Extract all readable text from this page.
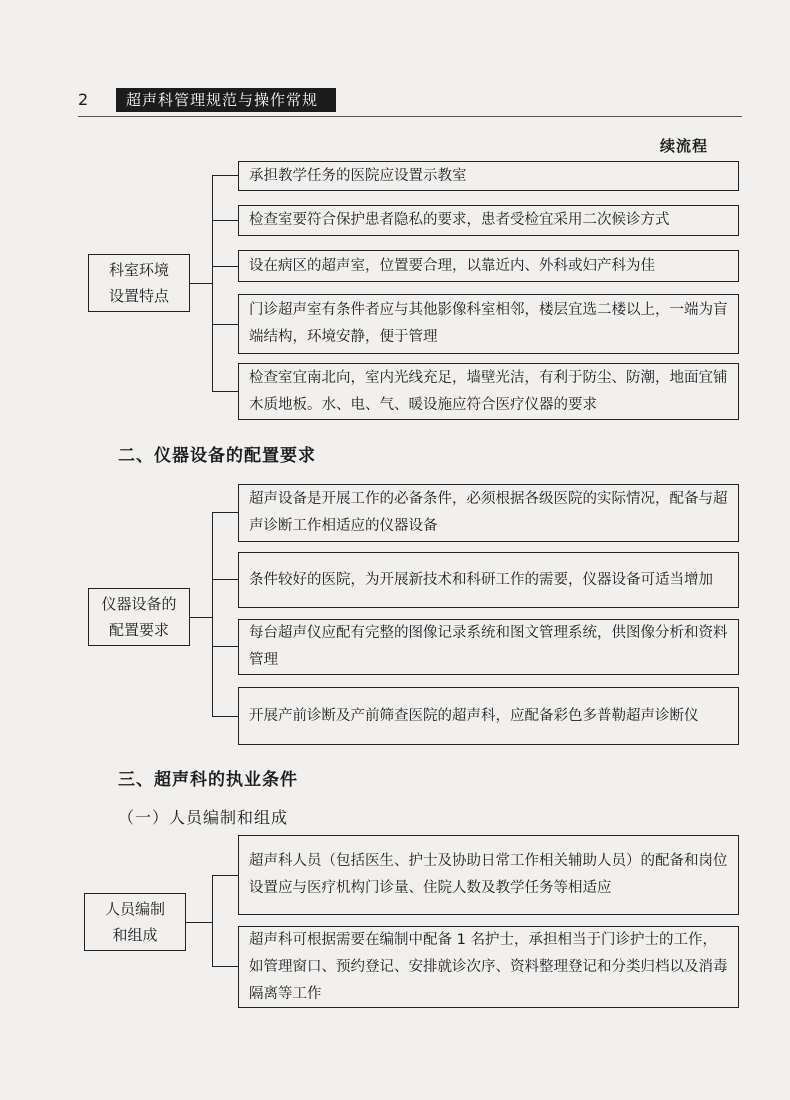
2	超声科管理规范与操作常规
续流程
科室环境
设置特点
承担教学任务的医院应设置示教室
检查室要符合保护患者隐私的要求，患者受检宜采用二次候诊方式
设在病区的超声室，位置要合理，以靠近内、外科或妇产科为佳
门诊超声室有条件者应与其他影像科室相邻，楼层宜选二楼以上，一端为盲端结构，环境安静，便于管理
检查室宜南北向，室内光线充足，墙壁光洁，有利于防尘、防潮，地面宜铺木质地板。水、电、气、暖设施应符合医疗仪器的要求
二、仪器设备的配置要求
仪器设备的
配置要求
超声设备是开展工作的必备条件，必须根据各级医院的实际情况，配备与超声诊断工作相适应的仪器设备
条件较好的医院，为开展新技术和科研工作的需要，仪器设备可适当增加
每台超声仪应配有完整的图像记录系统和图文管理系统，供图像分析和资料管理
开展产前诊断及产前筛查医院的超声科，应配备彩色多普勒超声诊断仪
三、超声科的执业条件
（一）人员编制和组成
人员编制
和组成
超声科人员（包括医生、护士及协助日常工作相关辅助人员）的配备和岗位设置应与医疗机构门诊量、住院人数及教学任务等相适应
超声科可根据需要在编制中配备 1 名护士，承担相当于门诊护士的工作，如管理窗口、预约登记、安排就诊次序、资料整理登记和分类归档以及消毒隔离等工作
